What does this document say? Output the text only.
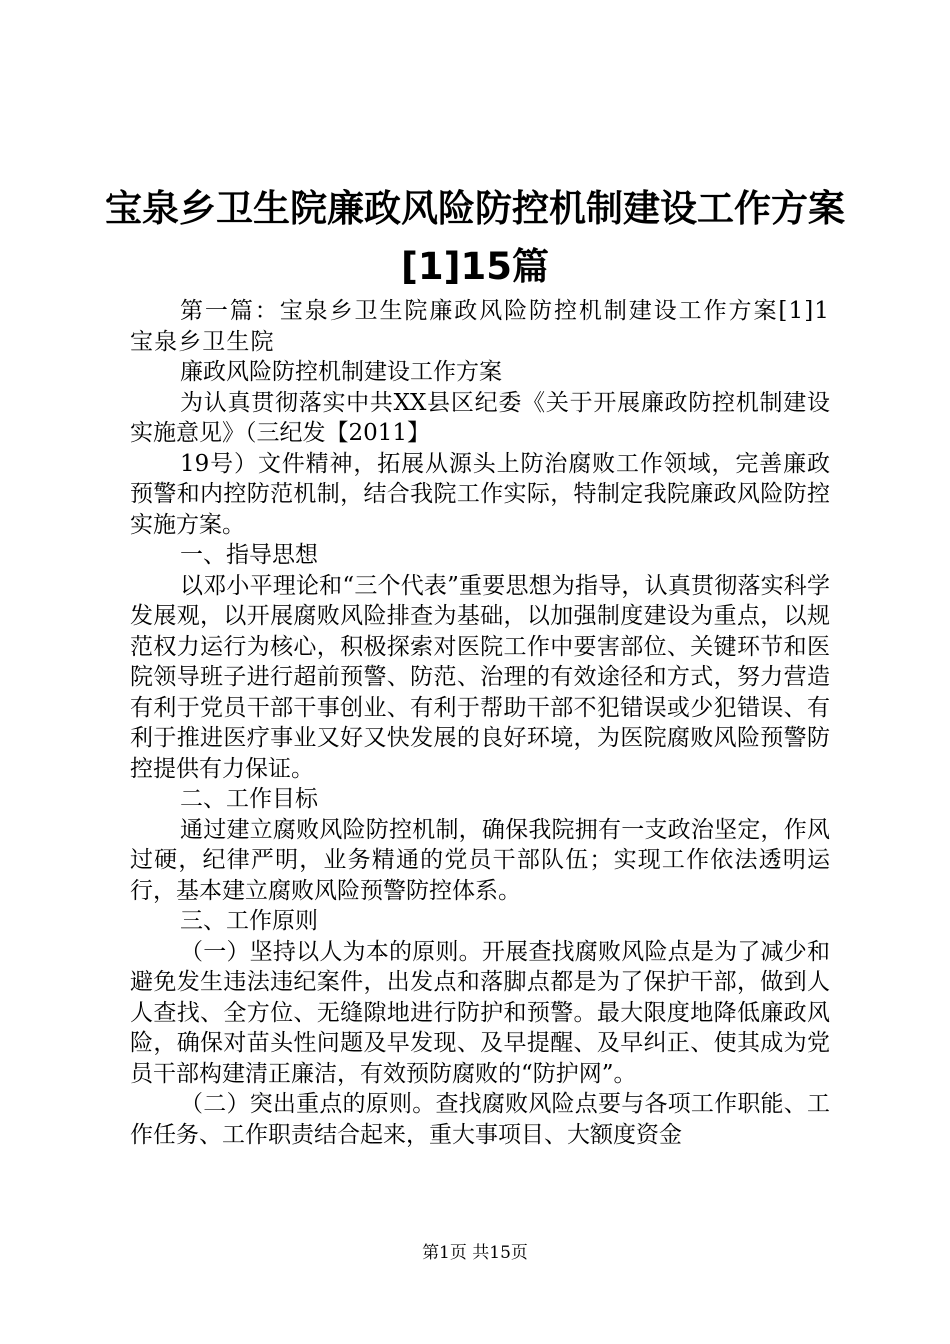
宝泉乡卫生院廉政风险防控机制建设工作方案
[1]15篇

第一篇：宝泉乡卫生院廉政风险防控机制建设工作方案[1]1宝泉乡卫生院

廉政风险防控机制建设工作方案

为认真贯彻落实中共XX县区纪委《关于开展廉政防控机制建设实施意见》（三纪发【2011】

19号）文件精神，拓展从源头上防治腐败工作领域，完善廉政预警和内控防范机制，结合我院工作实际，特制定我院廉政风险防控实施方案。

一、指导思想

以邓小平理论和“三个代表”重要思想为指导，认真贯彻落实科学发展观，以开展腐败风险排查为基础，以加强制度建设为重点，以规范权力运行为核心，积极探索对医院工作中要害部位、关键环节和医院领导班子进行超前预警、防范、治理的有效途径和方式，努力营造有利于党员干部干事创业、有利于帮助干部不犯错误或少犯错误、有利于推进医疗事业又好又快发展的良好环境，为医院腐败风险预警防控提供有力保证。

二、工作目标

通过建立腐败风险防控机制，确保我院拥有一支政治坚定，作风过硬，纪律严明，业务精通的党员干部队伍；实现工作依法透明运行，基本建立腐败风险预警防控体系。

三、工作原则

（一）坚持以人为本的原则。开展查找腐败风险点是为了减少和避免发生违法违纪案件，出发点和落脚点都是为了保护干部，做到人人查找、全方位、无缝隙地进行防护和预警。最大限度地降低廉政风险，确保对苗头性问题及早发现、及早提醒、及早纠正、使其成为党员干部构建清正廉洁，有效预防腐败的“防护网”。

（二）突出重点的原则。查找腐败风险点要与各项工作职能、工作任务、工作职责结合起来，重大事项目、大额度资金

第1页 共15页
